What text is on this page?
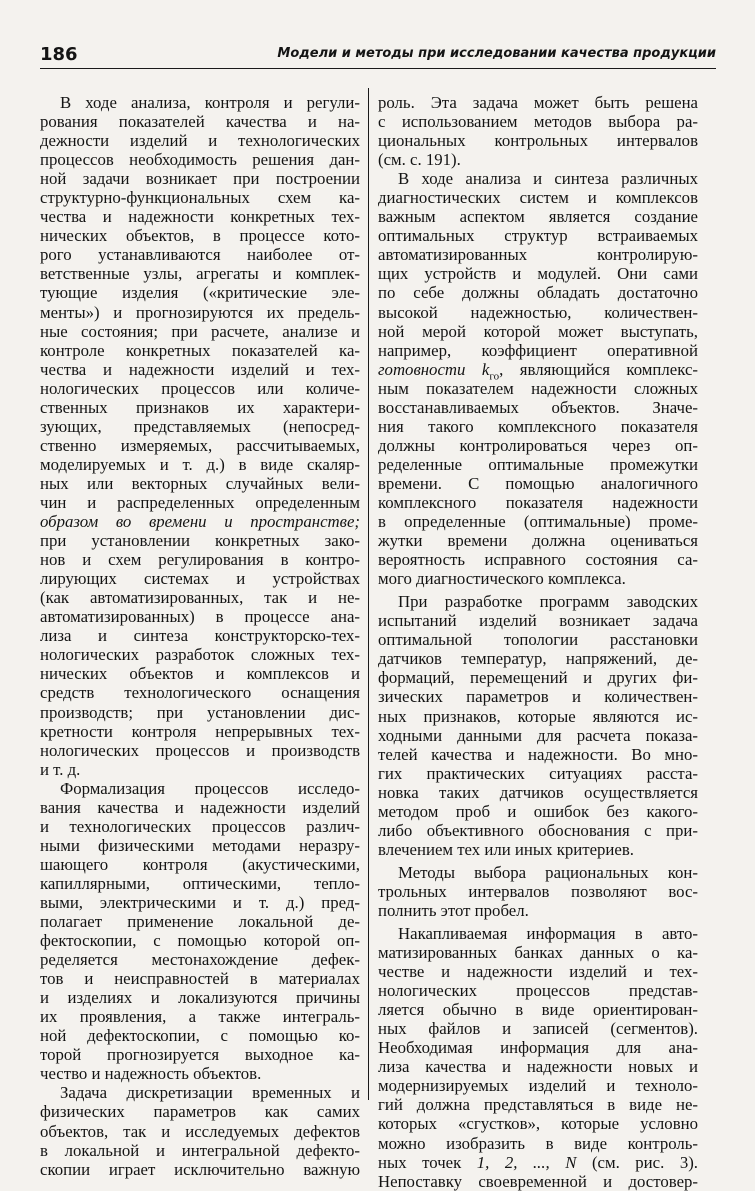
186	Модели и методы при исследовании качества продукции
В ходе анализа, контроля и регули-
рования показателей качества и на-
дежности изделий и технологических
процессов необходимость решения дан-
ной задачи возникает при построении
структурно-функциональных схем ка-
чества и надежности конкретных тех-
нических объектов, в процессе кото-
рого устанавливаются наиболее от-
ветственные узлы, агрегаты и комплек-
тующие изделия («критические эле-
менты») и прогнозируются их предель-
ные состояния; при расчете, анализе и
контроле конкретных показателей ка-
чества и надежности изделий и тех-
нологических процессов или количе-
ственных признаков их характери-
зующих, представляемых (непосред-
ственно измеряемых, рассчитываемых,
моделируемых и т. д.) в виде скаляр-
ных или векторных случайных вели-
чин и распределенных определенным
образом во времени и пространстве;
при установлении конкретных зако-
нов и схем регулирования в контро-
лирующих системах и устройствах
(как автоматизированных, так и не-
автоматизированных) в процессе ана-
лиза и синтеза конструкторско-тех-
нологических разработок сложных тех-
нических объектов и комплексов и
средств технологического оснащения
производств; при установлении дис-
кретности контроля непрерывных тех-
нологических процессов и производств
и т. д.
Формализация процессов исследо-
вания качества и надежности изделий
и технологических процессов различ-
ными физическими методами неразру-
шающего контроля (акустическими,
капиллярными, оптическими, тепло-
выми, электрическими и т. д.) пред-
полагает применение локальной де-
фектоскопии, с помощью которой оп-
ределяется местонахождение дефек-
тов и неисправностей в материалах
и изделиях и локализуются причины
их проявления, а также интеграль-
ной дефектоскопии, с помощью ко-
торой прогнозируется выходное ка-
чество и надежность объектов.
Задача дискретизации временных и
физических параметров как самих
объектов, так и исследуемых дефектов
в локальной и интегральной дефекто-
скопии играет исключительно важную
роль. Эта задача может быть решена
с использованием методов выбора ра-
циональных контрольных интервалов
(см. с. 191).
В ходе анализа и синтеза различных
диагностических систем и комплексов
важным аспектом является создание
оптимальных структур встраиваемых
автоматизированных контролирую-
щих устройств и модулей. Они сами
по себе должны обладать достаточно
высокой надежностью, количествен-
ной мерой которой может выступать,
например, коэффициент оперативной
готовности $k_{го}$, являющийся комплекс-
ным показателем надежности сложных
восстанавливаемых объектов. Значе-
ния такого комплексного показателя
должны контролироваться через оп-
ределенные оптимальные промежутки
времени. С помощью аналогичного
комплексного показателя надежности
в определенные (оптимальные) проме-
жутки времени должна оцениваться
вероятность исправного состояния са-
мого диагностического комплекса.
При разработке программ заводских
испытаний изделий возникает задача
оптимальной топологии расстановки
датчиков температур, напряжений, де-
формаций, перемещений и других фи-
зических параметров и количествен-
ных признаков, которые являются ис-
ходными данными для расчета показа-
телей качества и надежности. Во мно-
гих практических ситуациях расста-
новка таких датчиков осуществляется
методом проб и ошибок без какого-
либо объективного обоснования с при-
влечением тех или иных критериев.
Методы выбора рациональных кон-
трольных интервалов позволяют вос-
полнить этот пробел.
Накапливаемая информация в авто-
матизированных банках данных о ка-
честве и надежности изделий и тех-
нологических процессов представ-
ляется обычно в виде ориентирован-
ных файлов и записей (сегментов).
Необходимая информация для ана-
лиза качества и надежности новых и
модернизируемых изделий и техноло-
гий должна представляться в виде не-
которых «сгустков», которые условно
можно изобразить в виде контроль-
ных точек 1, 2, ..., N (см. рис. 3).
Непоставку своевременной и достовер-
